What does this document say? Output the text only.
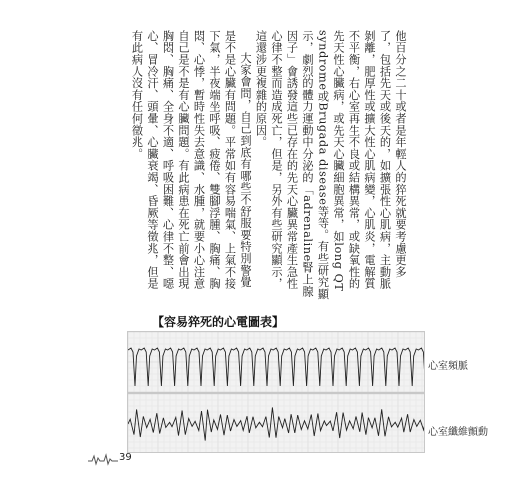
他百分之二十或者是年輕人的猝死就要考慮更多了，包括先天或後天的，如擴張性心肌病，主動脈剝離，肥厚性或擴大性心肌病變，心肌炎，電解質不平衡，右心室再生不良或結構異常，或缺氧性的先天性心臟病，或先天心臟細胞異常，如long QT syndrome或Brugada disease等等。有些研究顯示，劇烈的體力運動中分泌的「adrenaline腎上腺因子」會誘發這些已存在的先天心臟異常產生急性心律不整而造成死亡，但是，另外有些研究顯示，這還涉更複雜的原因。

大家會問，自己到底有哪些不舒服要特別警覺是不是心臟有問題。平常如有容易喘氣、上氣不接下氣，半夜端坐呼吸、疲倦、雙腳浮腫、胸痛、胸悶、心悸，暫時性失去意識、水腫，就要小心注意自己是不是有心臟問題。有此病患在死亡前會出現胸悶、胸痛、全身不適、呼吸困難、心律不整、噁心、冒冷汗、頭暈、心臟衰竭、昏厥等徵兆，但是有此病人沒有任何徵兆。

【容易猝死的心電圖表】
心室頻脈
心室纖維顫動
39
